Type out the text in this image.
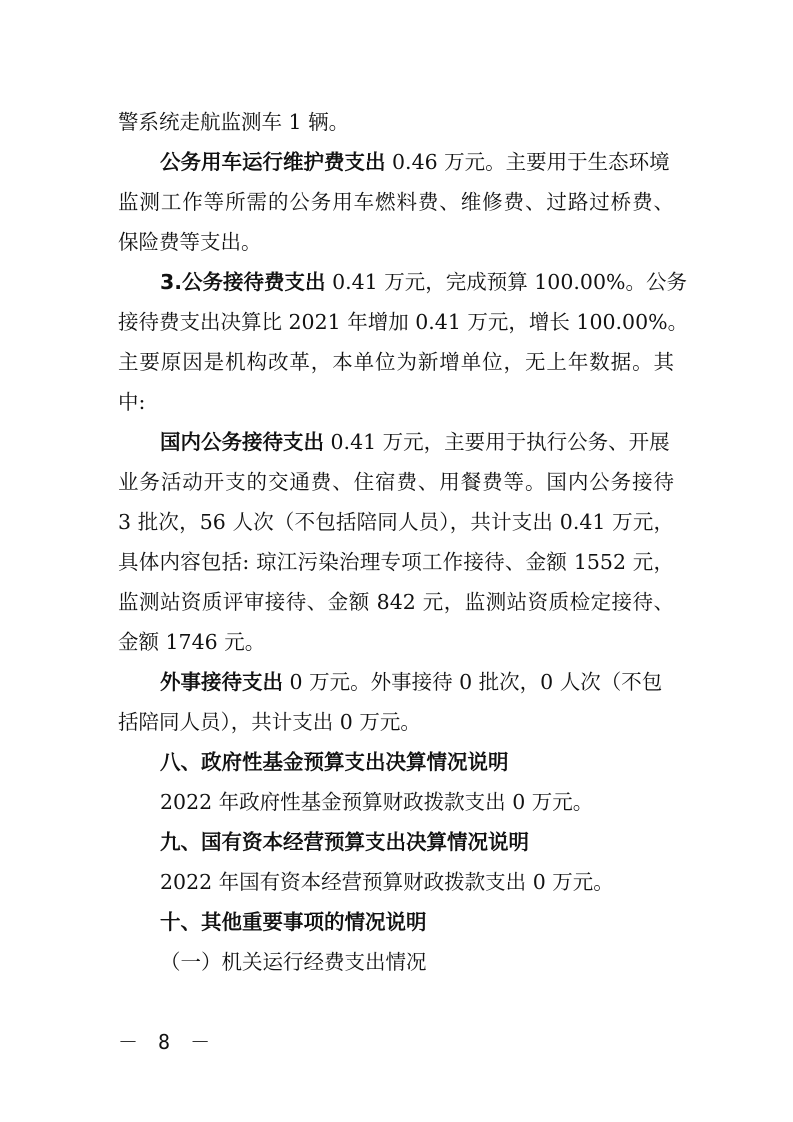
警系统走航监测车 1 辆。
公务用车运行维护费支出 0.46 万元。主要用于生态环境
监测工作等所需的公务用车燃料费、维修费、过路过桥费、
保险费等支出。
3.公务接待费支出 0.41 万元，完成预算 100.00%。公务
接待费支出决算比 2021 年增加 0.41 万元，增长 100.00%。
主要原因是机构改革，本单位为新增单位，无上年数据。其
中:
国内公务接待支出 0.41 万元，主要用于执行公务、开展
业务活动开支的交通费、住宿费、用餐费等。国内公务接待
3 批次，56 人次（不包括陪同人员），共计支出 0.41 万元，
具体内容包括: 琼江污染治理专项工作接待、金额 1552 元，
监测站资质评审接待、金额 842 元，监测站资质检定接待、
金额 1746 元。
外事接待支出 0 万元。外事接待 0 批次，0 人次（不包
括陪同人员），共计支出 0 万元。
八、政府性基金预算支出决算情况说明
2022 年政府性基金预算财政拨款支出 0 万元。
九、国有资本经营预算支出决算情况说明
2022 年国有资本经营预算财政拨款支出 0 万元。
十、其他重要事项的情况说明
（一）机关运行经费支出情况
－ 8 －
